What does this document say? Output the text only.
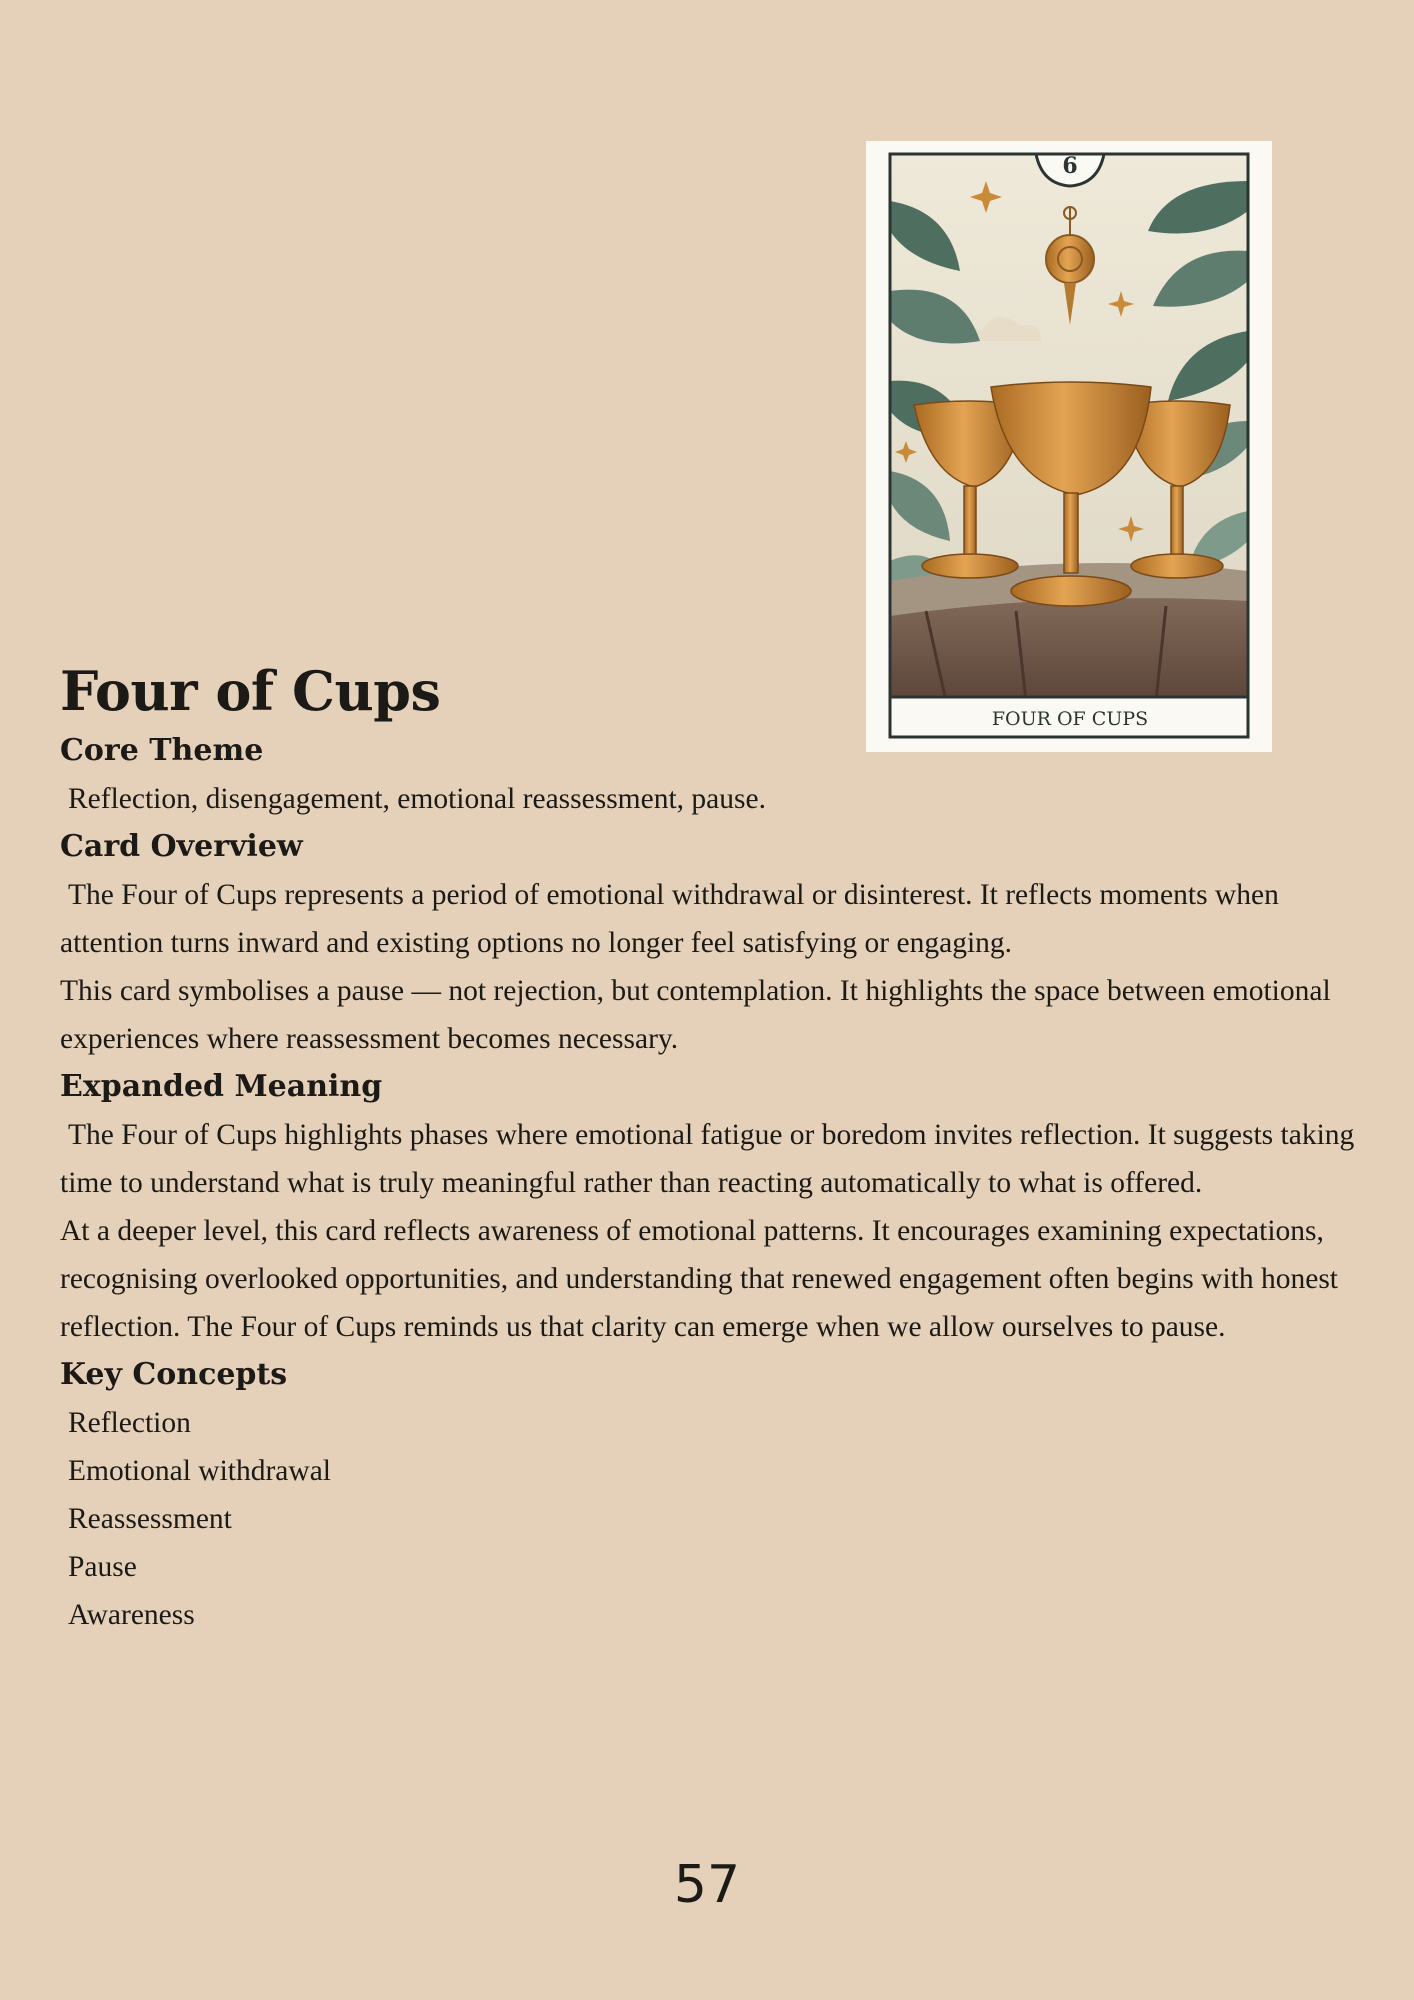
6
FOUR OF CUPS
Four of Cups
Core Theme

Reflection, disengagement, emotional reassessment, pause.

Card Overview

The Four of Cups represents a period of emotional withdrawal or disinterest. It reflects moments when attention turns inward and existing options no longer feel satisfying or engaging.

This card symbolises a pause — not rejection, but contemplation. It highlights the space between emotional experiences where reassessment becomes necessary.

Expanded Meaning

The Four of Cups highlights phases where emotional fatigue or boredom invites reflection. It suggests taking time to understand what is truly meaningful rather than reacting automatically to what is offered.

At a deeper level, this card reflects awareness of emotional patterns. It encourages examining expectations, recognising overlooked opportunities, and understanding that renewed engagement often begins with honest reflection. The Four of Cups reminds us that clarity can emerge when we allow ourselves to pause.

Key Concepts
Reflection
Emotional withdrawal
Reassessment
Pause
Awareness
57
